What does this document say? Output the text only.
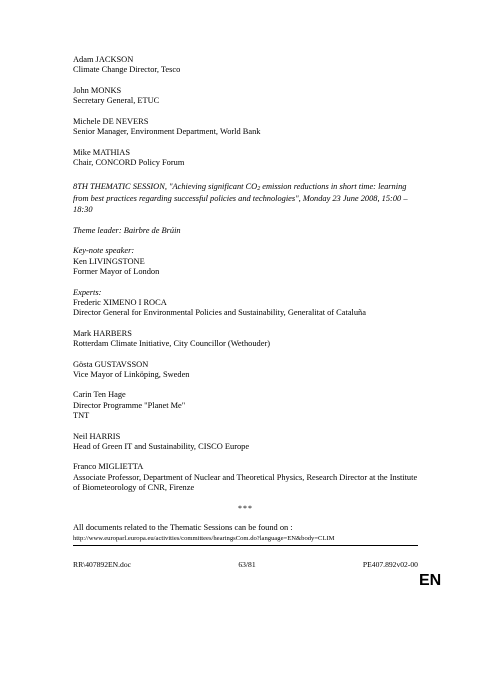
Adam JACKSON
Climate Change Director, Tesco
John MONKS
Secretary General, ETUC
Michele DE NEVERS
Senior Manager, Environment Department, World Bank
Mike MATHIAS
Chair, CONCORD Policy Forum
8TH THEMATIC SESSION, "Achieving significant CO2 emission reductions in short time: learning from best practices regarding successful policies and technologies", Monday 23 June 2008, 15:00 – 18:30
Theme leader: Bairbre de Brúin
Key-note speaker:
Ken LIVINGSTONE
Former Mayor of London
Experts:
Frederic XIMENO I ROCA
Director General for Environmental Policies and Sustainability, Generalitat of Cataluña
Mark HARBERS
Rotterdam Climate Initiative, City Councillor (Wethouder)
Gösta GUSTAVSSON
Vice Mayor of Linköping, Sweden
Carin Ten Hage
Director Programme "Planet Me"
TNT
Neil HARRIS
Head of Green IT and Sustainability, CISCO Europe
Franco MIGLIETTA
Associate Professor, Department of Nuclear and Theoretical Physics, Research Director at the Institute of Biometeorology of CNR, Firenze
***
All documents related to the Thematic Sessions can be found on :
http://www.europarl.europa.eu/activities/committees/hearingsCom.do?language=EN&body=CLIM
RR\407892EN.doc	63/81	PE407.892v02-00
EN
